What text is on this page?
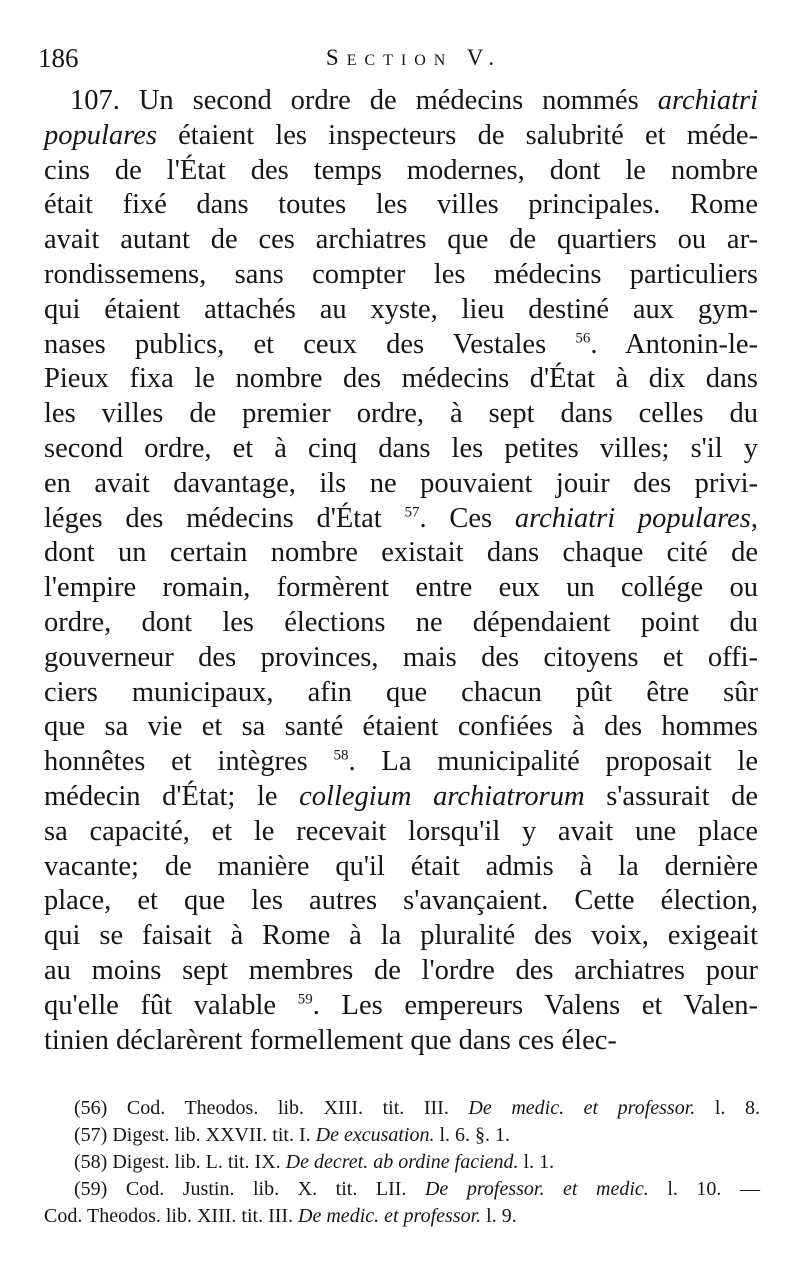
186	Section V.
107. Un second ordre de médecins nommés archiatri
populares étaient les inspecteurs de salubrité et méde-
cins de l'État des temps modernes, dont le nombre
était fixé dans toutes les villes principales. Rome
avait autant de ces archiatres que de quartiers ou ar-
rondissemens, sans compter les médecins particuliers
qui étaient attachés au xyste, lieu destiné aux gym-
nases publics, et ceux des Vestales $^{56}$. Antonin-le-
Pieux fixa le nombre des médecins d'État à dix dans
les villes de premier ordre, à sept dans celles du
second ordre, et à cinq dans les petites villes; s'il y
en avait davantage, ils ne pouvaient jouir des privi-
léges des médecins d'État $^{57}$. Ces archiatri populares,
dont un certain nombre existait dans chaque cité de
l'empire romain, formèrent entre eux un collége ou
ordre, dont les élections ne dépendaient point du
gouverneur des provinces, mais des citoyens et offi-
ciers municipaux, afin que chacun pût être sûr
que sa vie et sa santé étaient confiées à des hommes
honnêtes et intègres $^{58}$. La municipalité proposait le
médecin d'État; le collegium archiatrorum s'assurait de
sa capacité, et le recevait lorsqu'il y avait une place
vacante; de manière qu'il était admis à la dernière
place, et que les autres s'avançaient. Cette élection,
qui se faisait à Rome à la pluralité des voix, exigeait
au moins sept membres de l'ordre des archiatres pour
qu'elle fût valable $^{59}$. Les empereurs Valens et Valen-
tinien déclarèrent formellement que dans ces élec-
(56) Cod. Theodos. lib. XIII. tit. III. De medic. et professor. l. 8.
(57) Digest. lib. XXVII. tit. I. De excusation. l. 6. §. 1.
(58) Digest. lib. L. tit. IX. De decret. ab ordine faciend. l. 1.
(59) Cod. Justin. lib. X. tit. LII. De professor. et medic. l. 10. —
Cod. Theodos. lib. XIII. tit. III. De medic. et professor. l. 9.
